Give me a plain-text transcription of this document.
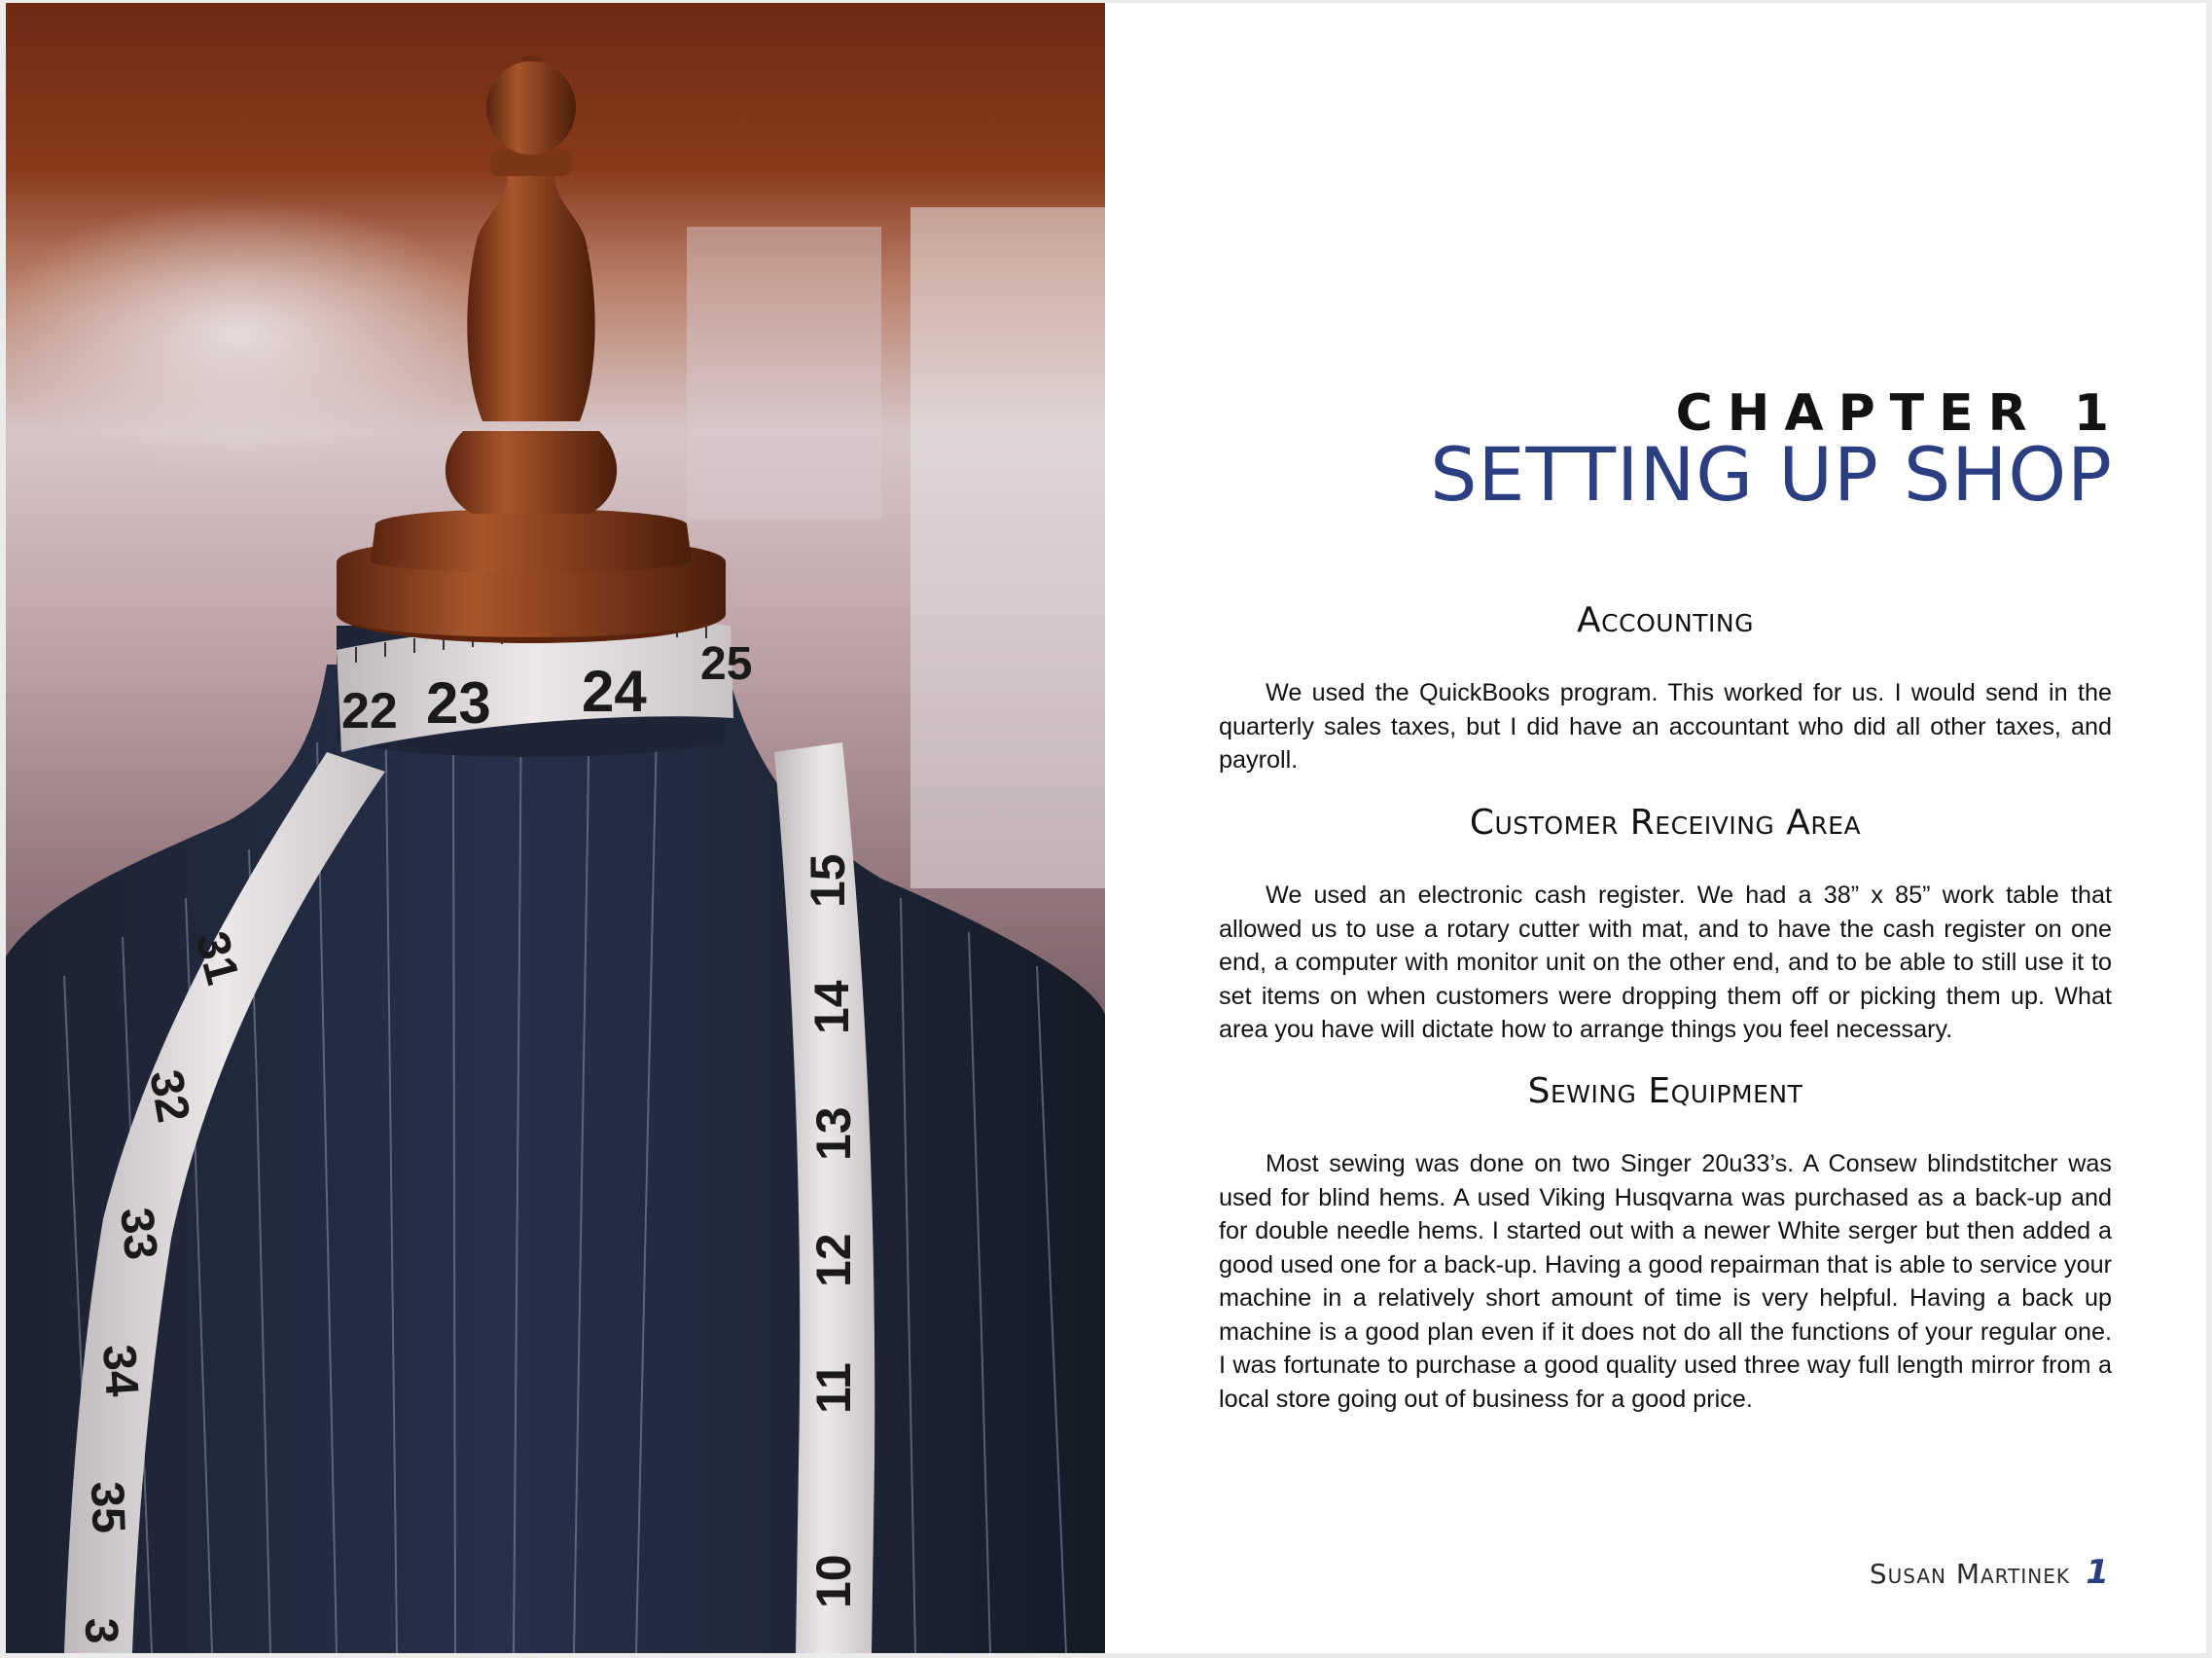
22 23 24 25
31
32
33
34
35
3
15
14
13
12
11
10
CHAPTER 1
SETTING UP SHOP
Accounting

We used the QuickBooks program. This worked for us. I would send in the quarterly sales taxes, but I did have an accountant who did all other taxes, and payroll.

Customer Receiving Area

We used an electronic cash register. We had a 38” x 85” work table that allowed us to use a rotary cutter with mat, and to have the cash register on one end, a computer with monitor unit on the other end, and to be able to still use it to set items on when customers were dropping them off or picking them up. What area you have will dictate how to arrange things you feel necessary.

Sewing Equipment

Most sewing was done on two Singer 20u33’s. A Consew blindstitcher was used for blind hems. A used Viking Husqvarna was purchased as a back-up and for double needle hems. I started out with a newer White serger but then added a good used one for a back-up. Having a good repairman that is able to service your machine in a relatively short amount of time is very helpful. Having a back up machine is a good plan even if it does not do all the functions of your regular one. I was fortunate to purchase a good quality used three way full length mirror from a local store going out of business for a good price.

Susan Martinek 1
